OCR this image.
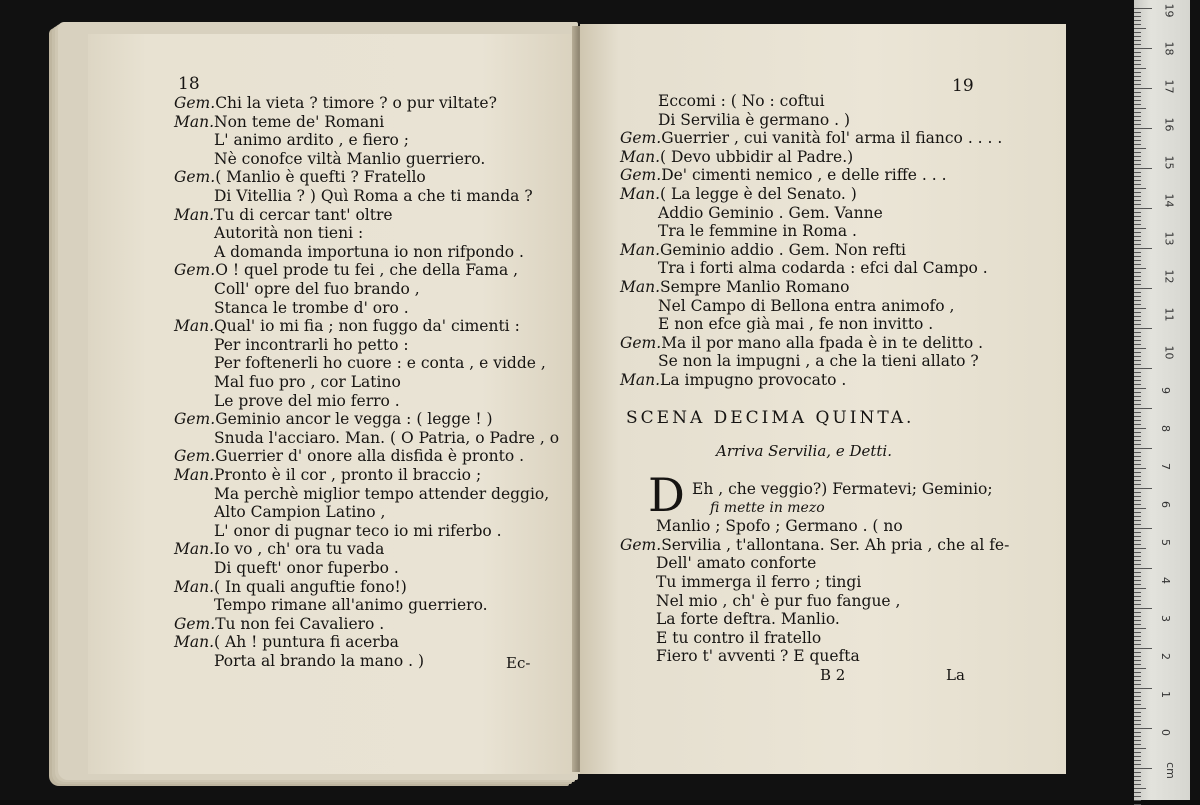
18
Ec-
Gem.Chi la vieta ? timore ? o pur viltate?
Man.Non teme de' Romani
L' animo ardito , e fiero ;
Nè conofce viltà Manlio guerriero.
Gem.( Manlio è quefti ? Fratello
Di Vitellia ? ) Quì Roma a che ti manda ?
Man.Tu di cercar tant' oltre
Autorità non tieni :
A domanda importuna io non rifpondo .
Gem.O ! quel prode tu fei , che della Fama ,
Coll' opre del fuo brando ,
Stanca le trombe d' oro .
Man.Qual' io mi fia ; non fuggo da' cimenti :
Per incontrarli ho petto :
Per foftenerli ho cuore : e conta , e vidde ,
Mal fuo pro , cor Latino
Le prove del mio ferro .
Gem.Geminio ancor le vegga : ( legge ! )
Snuda l'acciaro. Man. ( O Patria, o Padre , o
Gem.Guerrier d' onore alla disfida è pronto .
Man.Pronto è il cor , pronto il braccio ;
Ma perchè miglior tempo attender deggio,
Alto Campion Latino ,
L' onor di pugnar teco io mi riferbo .
Man.Io vo , ch' ora tu vada
Di queft' onor fuperbo .
Man.( In quali anguftie fono!)
Tempo rimane all'animo guerriero.
Gem.Tu non fei Cavaliero .
Man.( Ah ! puntura fi acerba
Porta al brando la mano . )
19
SCENA DECIMA QUINTA.
Arriva Servilia, e Detti.
D
B 2	La
Eccomi : ( No : coftui
Di Servilia è germano . )
Gem.Guerrier , cui vanità fol' arma il fianco . . . .
Man.( Devo ubbidir al Padre.)
Gem.De' cimenti nemico , e delle riffe . . .
Man.( La legge è del Senato. )
Addio Geminio . Gem. Vanne
Tra le femmine in Roma .
Man.Geminio addio . Gem. Non refti
Tra i forti alma codarda : efci dal Campo .
Man.Sempre Manlio Romano
Nel Campo di Bellona entra animofo ,
E non efce già mai , fe non invitto .
Gem.Ma il por mano alla fpada è in te delitto .
Se non la impugni , a che la tieni allato ?
Man.La impugno provocato .
Eh , che veggio?) Fermatevi; Geminio;
fi mette in mezo
Manlio ; Spofo ; Germano . ( no
Gem.Servilia , t'allontana. Ser. Ah pria , che al fe-
Dell' amato conforte
Tu immerga il ferro ; tingi
Nel mio , ch' è pur fuo fangue ,
La forte deftra. Manlio.
E tu contro il fratello
Fiero t' avventi ? E quefta
19
18
17
16
15
14
13
12
11
10
9
8
7
6
5
4
3
2
1
0
cm
